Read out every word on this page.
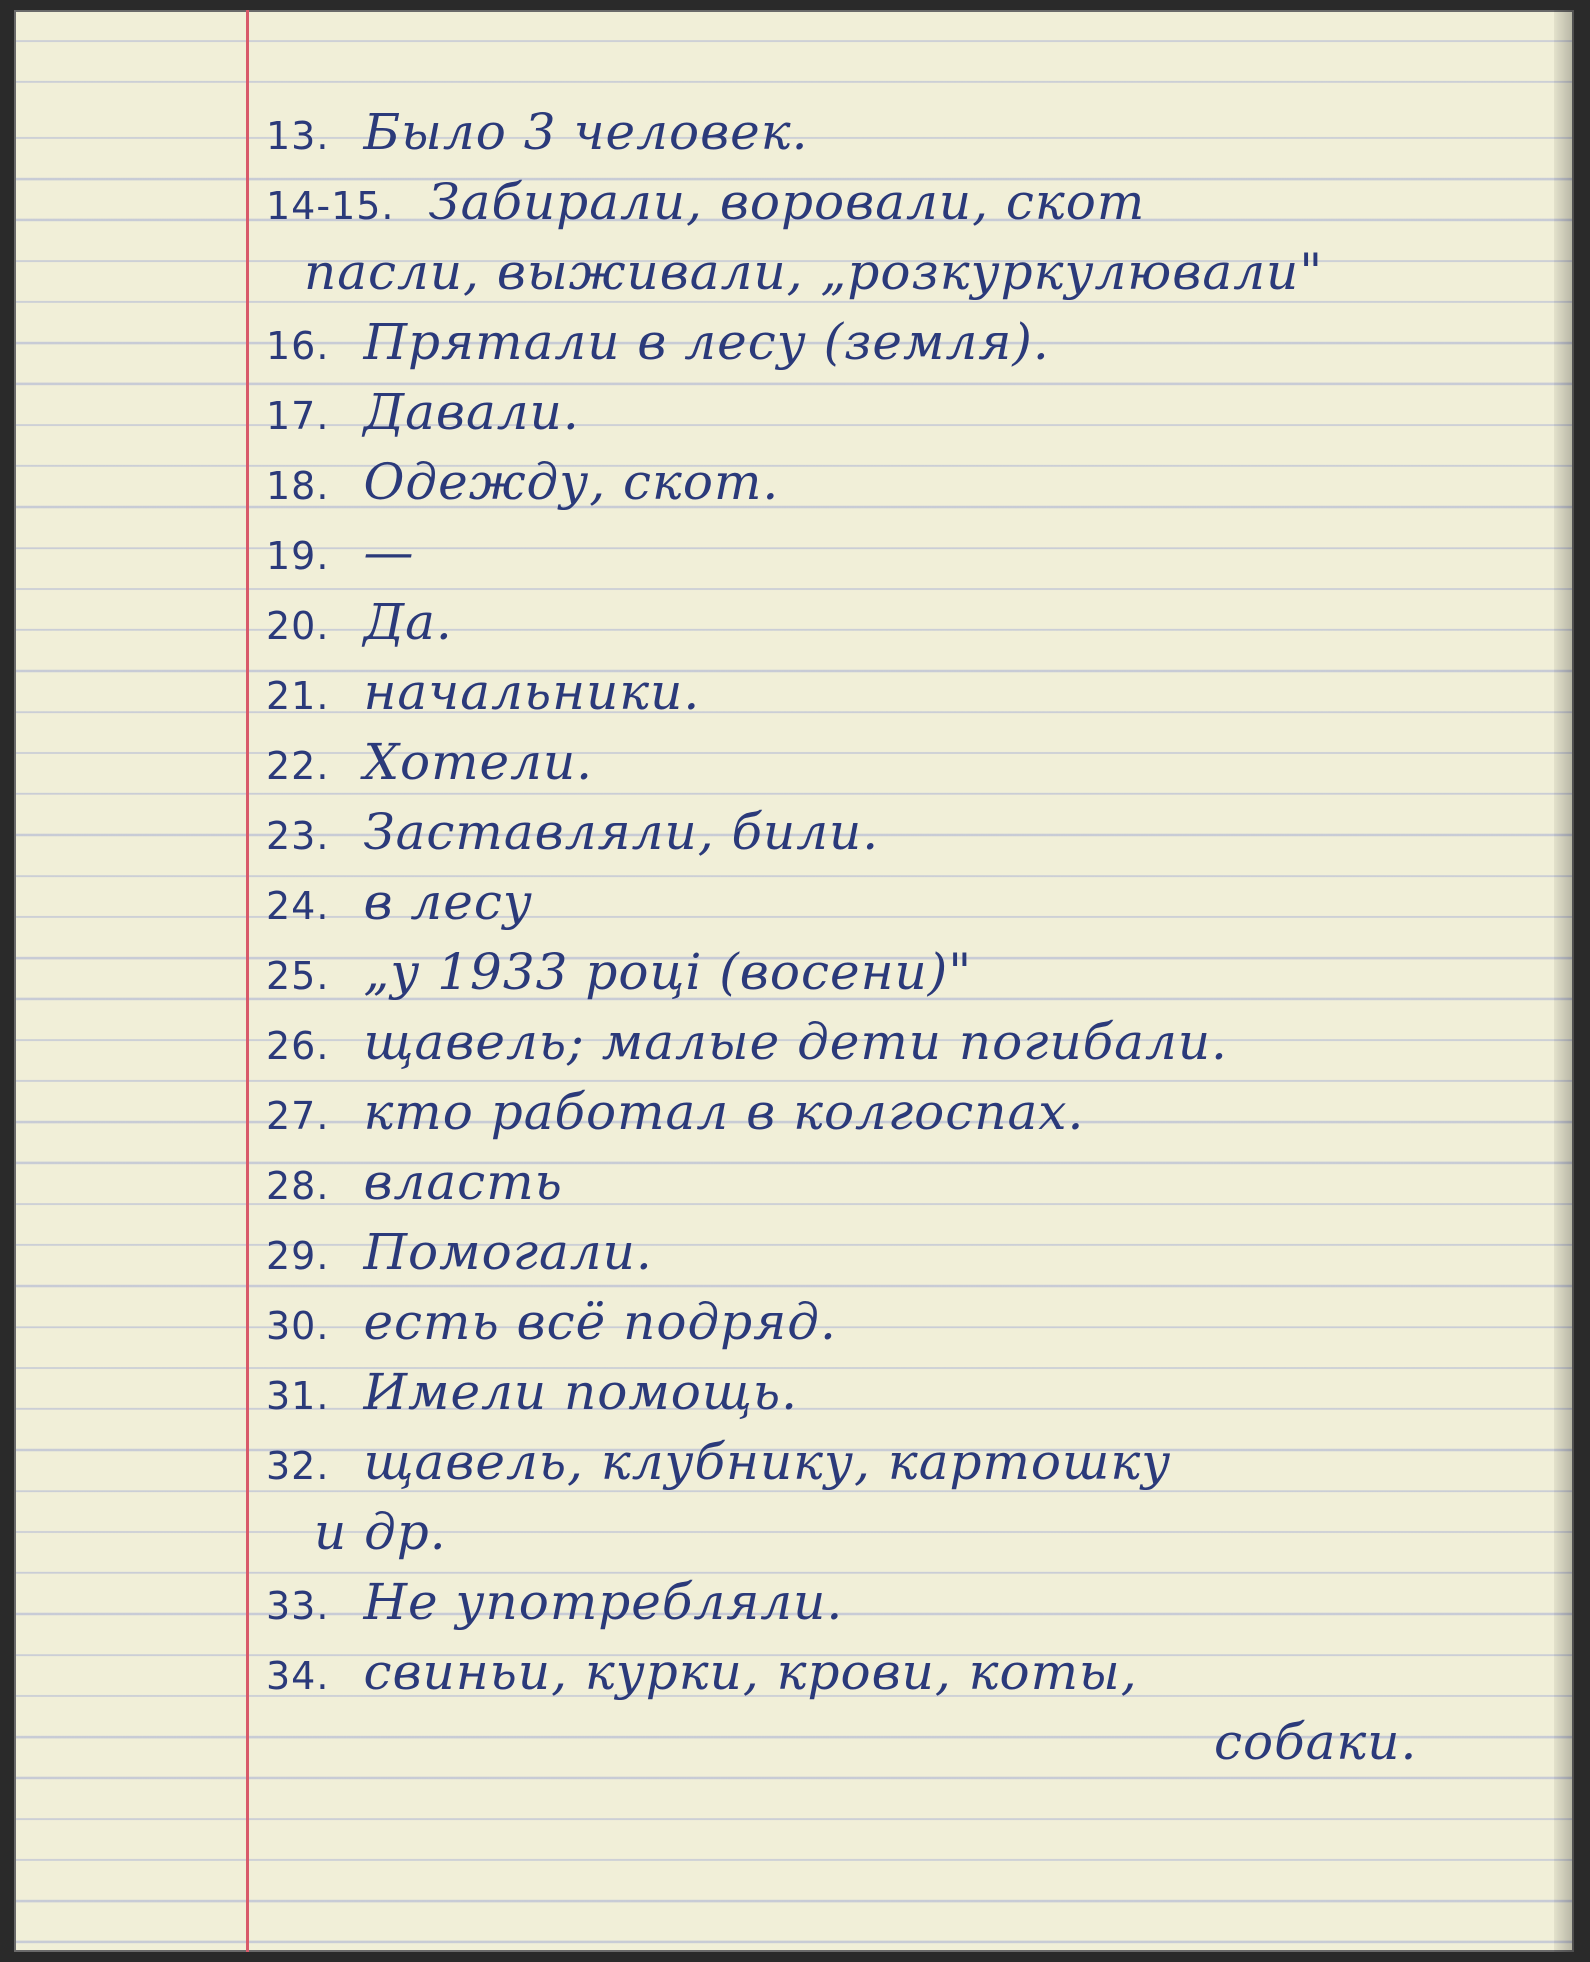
13. Было 3 человек.
14-15. Забирали, воровали, скот
пасли, выживали, „розкуркулювали"
16. Прятали в лесу (земля).
17. Давали.
18. Одежду, скот.
19. —
20. Да.
21. начальники.
22. Хотели.
23. Заставляли, били.
24. в лесу
25. „у 1933 році (восени)"
26. щавель; малые дети погибали.
27. кто работал в колгоспах.
28. власть
29. Помогали.
30. есть всё подряд.
31. Имели помощь.
32. щавель, клубнику, картошку
и др.
33. Не употребляли.
34. свиньи, курки, крови, коты,
собаки.
